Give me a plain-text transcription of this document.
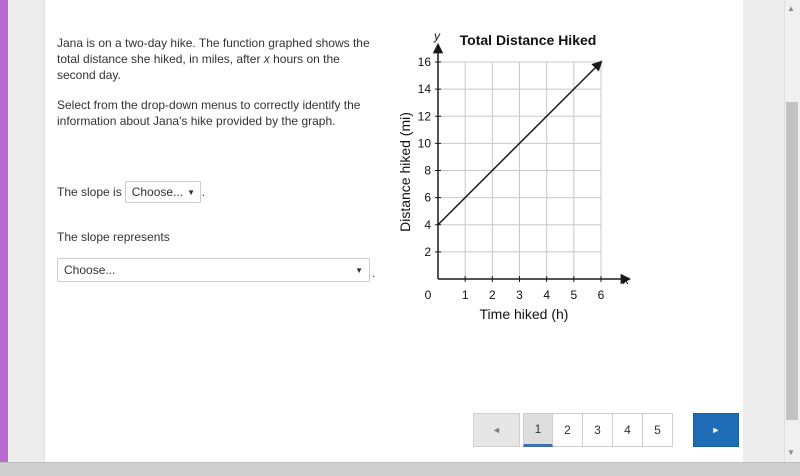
▲
▼

Jana is on a two-day hike. The function graphed shows the total distance she hiked, in miles, after x hours on the second day.

Select from the drop-down menus to correctly identify the information about Jana's hike provided by the graph.

The slope is Choose... ▼ .
The slope represents
Choose...	▼ .
Total Distance Hiked
x
y
0	1 2 3 4 5 6
2
4
6
8
10
12
14
16
Time hiked (h)
Distance hiked (mi)
◄	1	2	3	4	5	►
